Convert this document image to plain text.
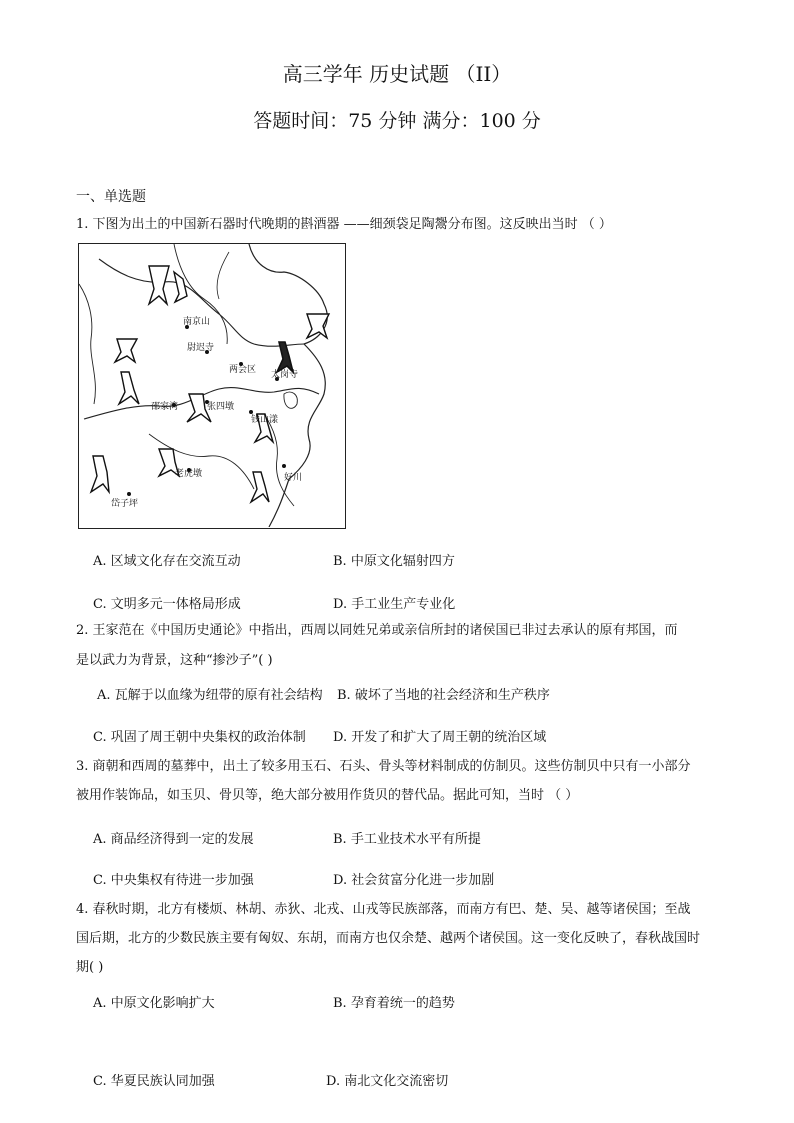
高三学年 历史试题 （II）
答题时间：75 分钟 满分：100 分
一、单选题
1. 下图为出土的中国新石器时代晚期的斟酒器 ——细颈袋足陶鬶分布图。这反映出当时 （ ）
南京山
尉迟寺
两会区 太岗寺
邵家湾	张四墩
钱山漾
老虎墩
岱子坪
好川
A. 区域文化存在交流互动	B. 中原文化辐射四方
C. 文明多元一体格局形成	D. 手工业生产专业化
2. 王家范在《中国历史通论》中指出，西周以同姓兄弟或亲信所封的诸侯国已非过去承认的原有邦国，而
是以武力为背景，这种“掺沙子”( )
A. 瓦解于以血缘为纽带的原有社会结构 B. 破坏了当地的社会经济和生产秩序
C. 巩固了周王朝中央集权的政治体制 D. 开发了和扩大了周王朝的统治区域
3. 商朝和西周的墓葬中，出土了较多用玉石、石头、骨头等材料制成的仿制贝。这些仿制贝中只有一小部分
被用作装饰品，如玉贝、骨贝等，绝大部分被用作货贝的替代品。据此可知，当时 （ ）
A. 商品经济得到一定的发展	B. 手工业技术水平有所提
C. 中央集权有待进一步加强	D. 社会贫富分化进一步加剧
4. 春秋时期，北方有楼烦、林胡、赤狄、北戎、山戎等民族部落，而南方有巴、楚、吴、越等诸侯国；至战
国后期，北方的少数民族主要有匈奴、东胡，而南方也仅余楚、越两个诸侯国。这一变化反映了，春秋战国时
期( )
A. 中原文化影响扩大	B. 孕育着统一的趋势
C. 华夏民族认同加强	D. 南北文化交流密切
